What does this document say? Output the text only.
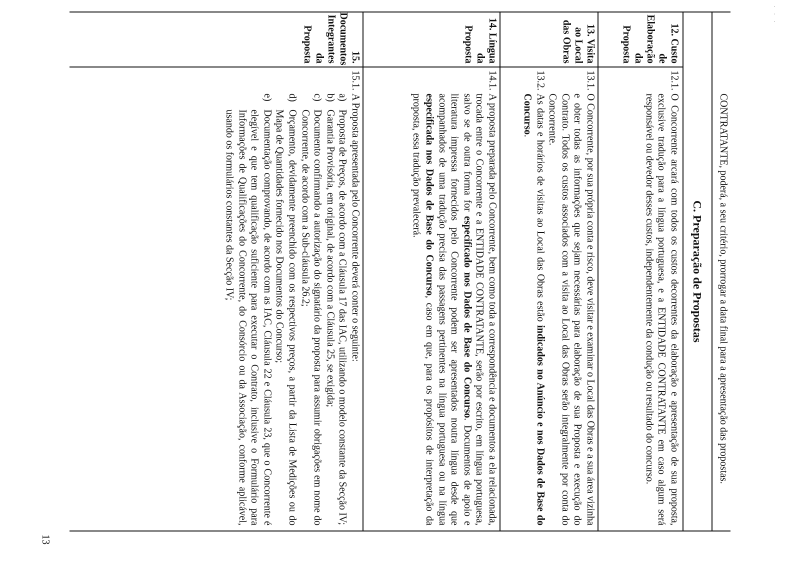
· · ·
CONTRATANTE, poderá, a seu critério, prorrogar a data final para a apresentação das propostas.
C. Preparação de Propostas
12. Custo de Elaboração da Proposta
12.1.
O Concorrente arcará com todos os custos decorrentes da elaboração e apresentação de sua proposta, exclusive tradução para a língua portuguesa, e a ENTIDADE CONTRATANTE em caso algum será responsável ou devedor desses custos, independentemente da condução ou resultado do concurso.
13. Visita ao Local das Obras
13.1.
O Concorrente, por sua própria conta e risco, deve visitar e examinar o Local das Obras e a sua área vizinha e obter todas as informações que sejam necessárias para elaboração de sua Proposta e execução do Contrato. Todos os custos associados com a visita ao Local das Obras serão integralmente por conta do Concorrente.
13.2.
As datas e horários de visitas ao Local das Obras estão indicados no Anúncio e nos Dados de Base do Concurso.
14. Língua da Proposta
14.1.
A proposta preparada pelo Concorrente, bem como toda a correspondência e documentos a ela relacionada, trocada entre o Concorrente e a ENTIDADE CONTRATANTE, serão por escrito, em língua portuguesa, salvo se de outra forma for especificado nos Dados de Base do Concurso. Documentos de apoio e literatura impressa fornecidos pelo Concorrente podem ser apresentados noutra língua desde que acompanhados de uma tradução precisa das passagens pertinentes na língua portuguesa ou na língua especificada nos Dados de Base do Concurso, caso em que, para os propósitos de interpretação da proposta, essa tradução prevalecerá.
15. Documentos Integrantes da Proposta
15.1.
A Proposta apresentada pelo Concorrente deverá conter o seguinte:
a)
Proposta de Preços, de acordo com a Cláusula 17 das IAC, utilizando o modelo constante da Secção IV;
b)
Garantia Provisória, em original, de acordo com a Cláusula 25, se exigida;
c)
Documento confirmando a autorização do signatário da proposta para assumir obrigações em nome do Concorrente, de acordo com a Sub-cláusula 26.2;
d)
Orçamento, devidamente preenchido com os respectivos preços, a partir da Lista de Medições ou do Mapa de Quantidades fornecido nos Documentos do Concurso;
e)
Documentação comprovando, de acordo com as IAC, Cláusula 22 e Cláusula 23, que o Concorrente é elegível e que tem qualificação suficiente para executar o Contrato, inclusive o Formulário para Informações de Qualificações do Concorrente, do Consórcio ou da Associação, conforme aplicável, usando os formulários constantes da Secção IV;
13
